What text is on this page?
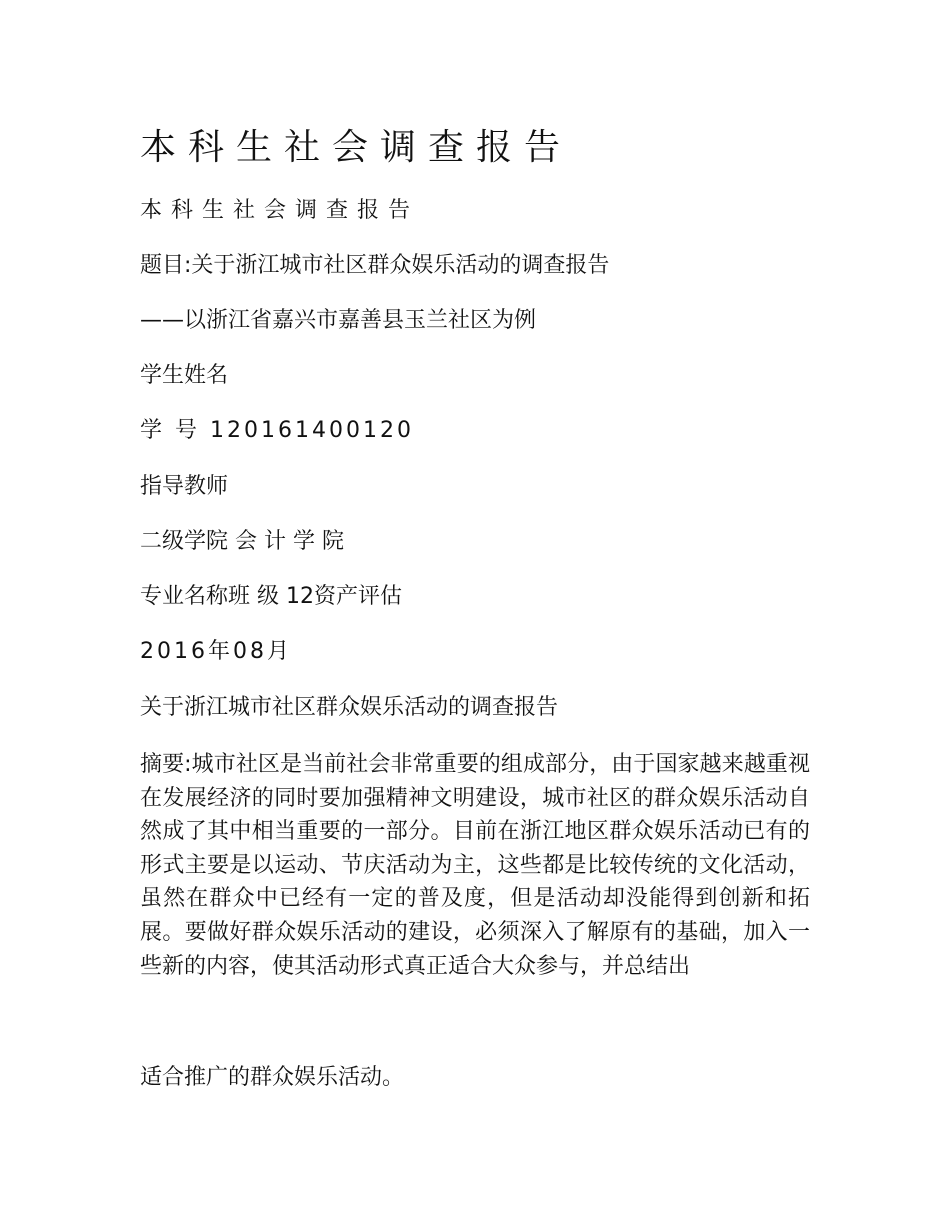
本科生社会调查报告

本科生社会调查报告

题目:关于浙江城市社区群众娱乐活动的调查报告

——以浙江省嘉兴市嘉善县玉兰社区为例

学生姓名

学 号 120161400120

指导教师

二级学院 会 计 学 院

专业名称班 级 12资产评估

2016年08月

关于浙江城市社区群众娱乐活动的调查报告

摘要:城市社区是当前社会非常重要的组成部分，由于国家越来越重视在发展经济的同时要加强精神文明建设，城市社区的群众娱乐活动自然成了其中相当重要的一部分。目前在浙江地区群众娱乐活动已有的形式主要是以运动、节庆活动为主，这些都是比较传统的文化活动，虽然在群众中已经有一定的普及度，但是活动却没能得到创新和拓展。要做好群众娱乐活动的建设，必须深入了解原有的基础，加入一些新的内容，使其活动形式真正适合大众参与，并总结出

适合推广的群众娱乐活动。
